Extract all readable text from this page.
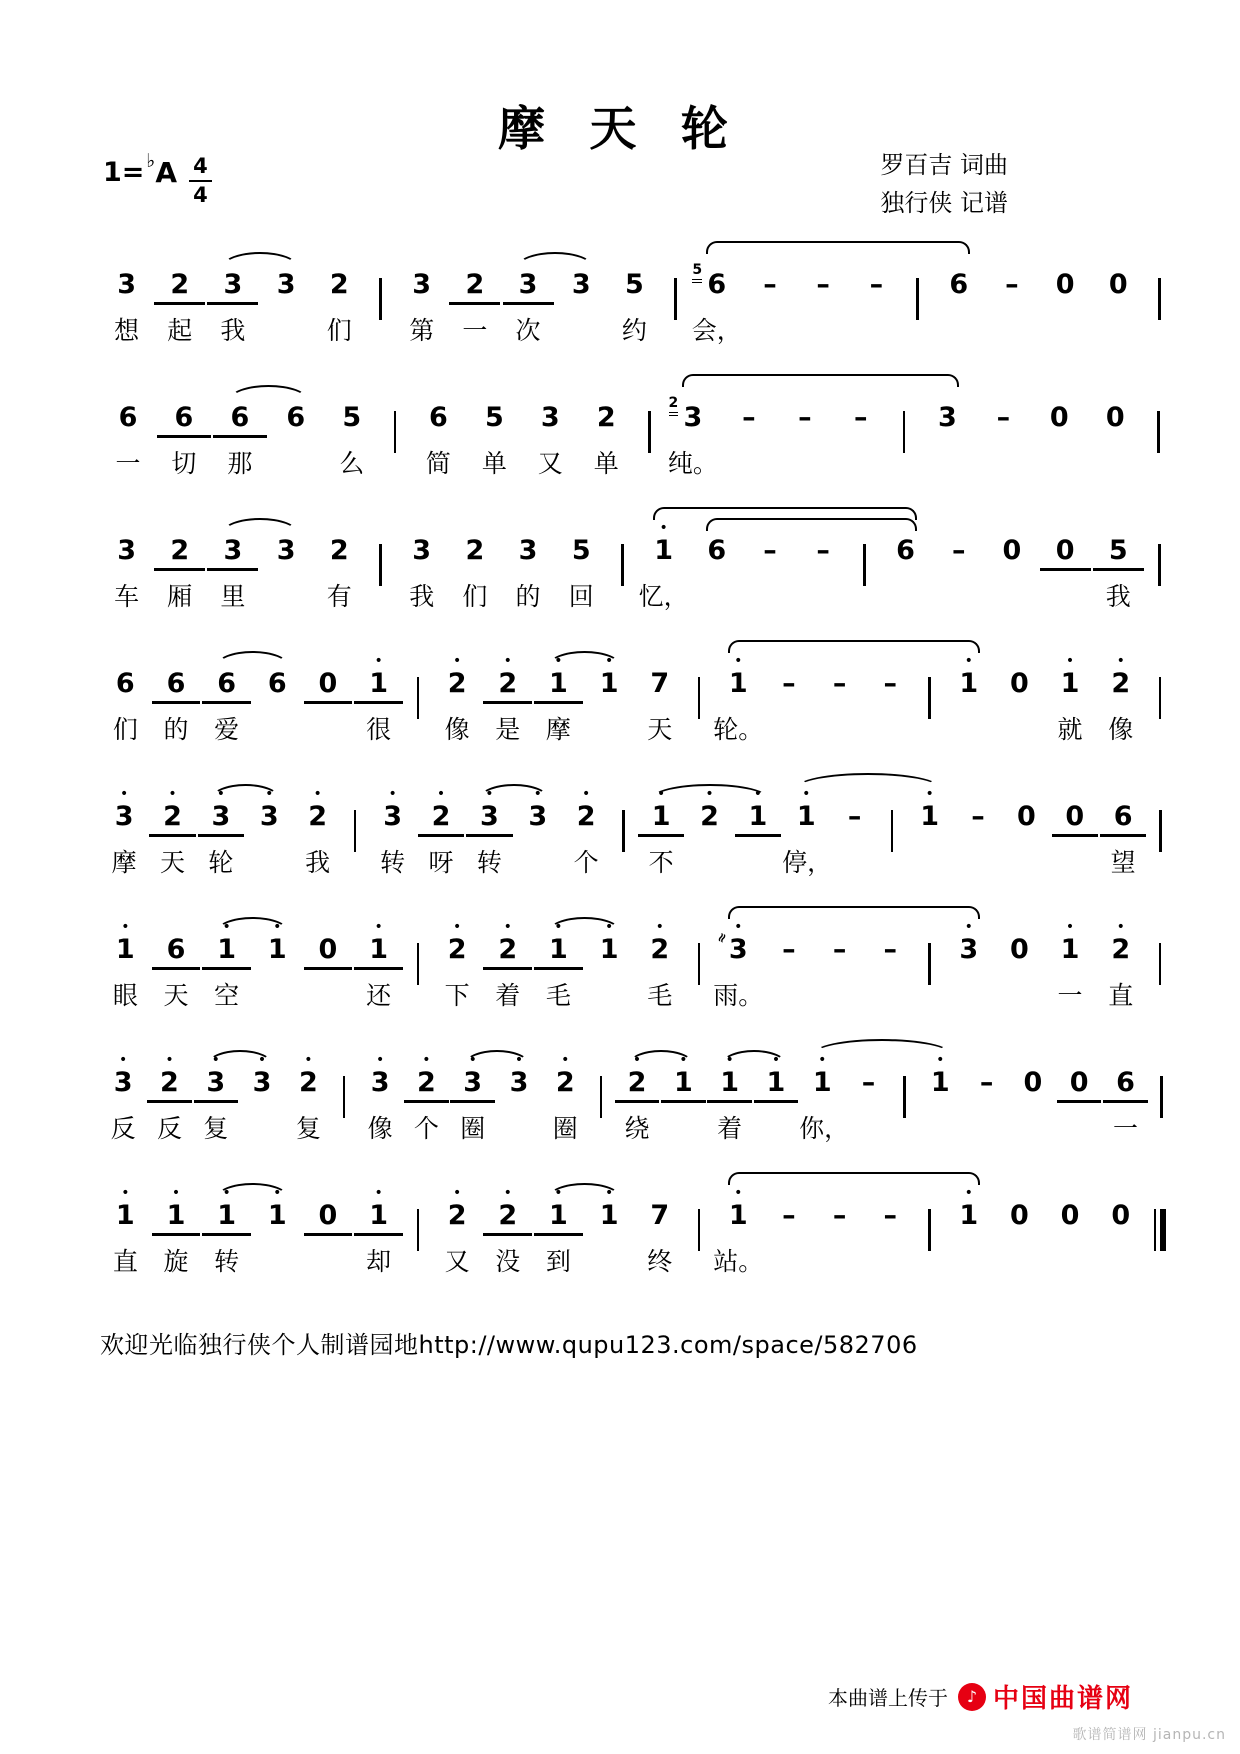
摩 天 轮
1= ♭ A $\frac{4}{4}$	罗百吉 词曲
独行侠 记谱

3
想

2
起

3
我

3
	2
们

3
第

2
一

3
次

3
	5
约

6
5
会，

–
	–
	–
	6
	–
	0
	0

6
一

6
切

6
那

6
	5
么

6
简

5
单

3
又

2
单

3
2
纯。

–
	–
	–
	3
	–
	0
	0

3
车

2
厢

3
里

3
	2
有

3
我

2
们

3
的

5
回
•
1
忆，

6
	–
	–
	6
	–
	0
	0
	5
我

6
们

6
的

6
爱

6
	0
•
1
很
•
2
像
•
2
是
•
1
摩
•
1
	7
天
•
1
轮。

–
	–
	–
•
1
	0
•
1
就
•
2
像
•
3
摩
•
2
天
•
3
轮
•
3
•
2
我
•
3
转
•
2
呀
•
3
转
•
3
•
2
个
•
1
不
•
2
•
1
•
1
停，

–
•
1
	–
	0
	0
	6
望
•
1
眼

6
天
•
1
空
•
1
	0
•
1
还
•
2
下
•
2
着
•
1
毛
•
1
•
2
毛
•
3
≈
雨。

–
	–
	–
•
3
	0
•
1
一
•
2
直
•
3
反
•
2
反
•
3
复
•
3
•
2
复
•
3
像
•
2
个
•
3
圈
•
3
•
2
圈
•
2
绕
•
1
•
1
着
•
1
•
1
你，

–
•
1
	–
	0
	0
	6
一
•
1
直
•
1
旋
•
1
转
•
1
	0
•
1
却
•
2
又
•
2
没
•
1
到
•
1
	7
终
•
1
站。

–
	–
	–
•
1
	0
	0
	0
欢迎光临独行侠个人制谱园地http://www.qupu123.com/space/582706
本曲谱上传于	♪ 中国曲谱网
歌谱简谱网 jianpu.cn
